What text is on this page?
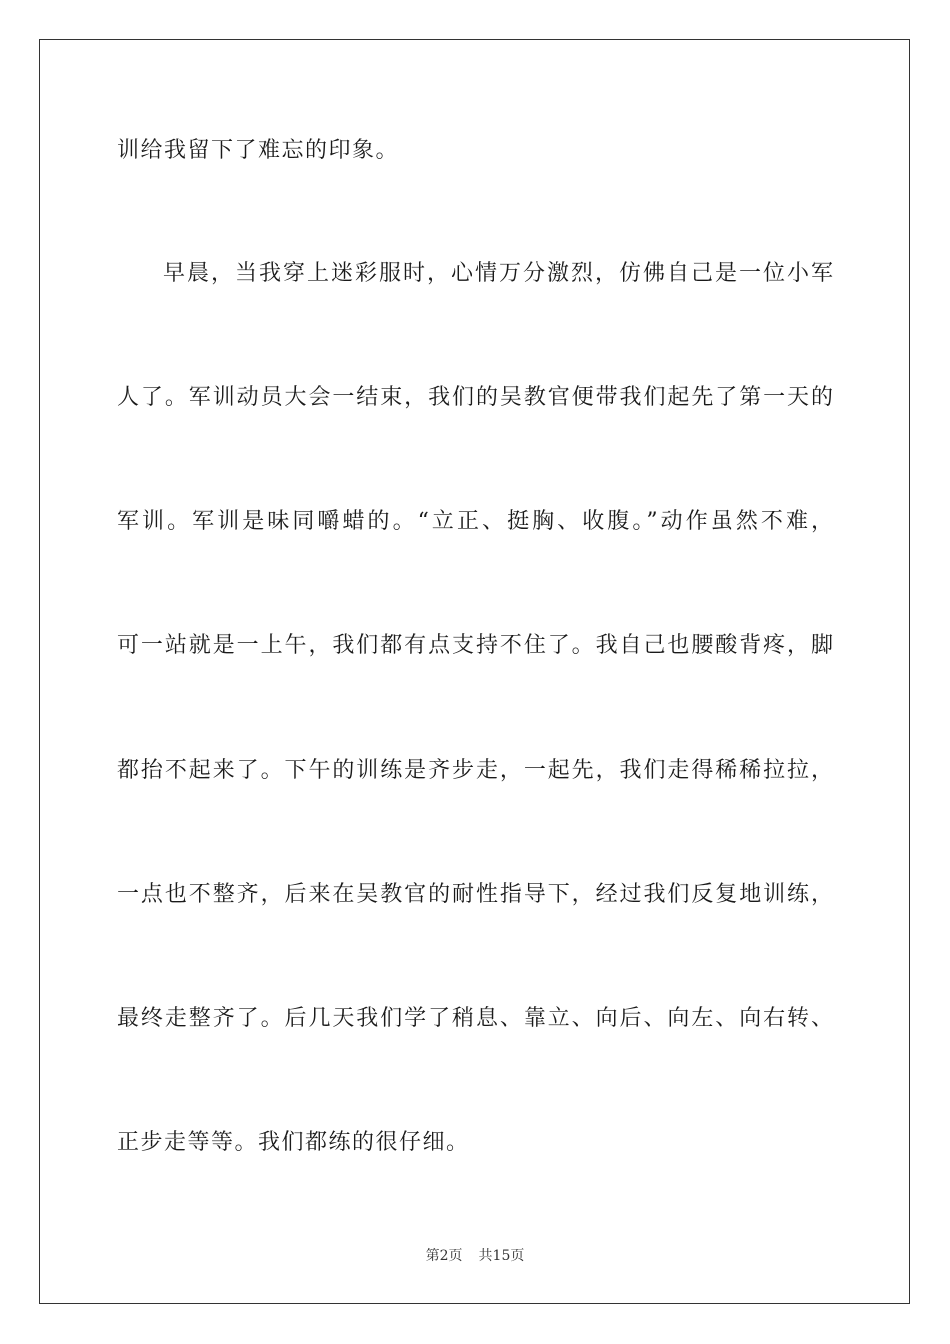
训给我留下了难忘的印象。
早晨，当我穿上迷彩服时，心情万分激烈，仿佛自己是一位小军
人了。军训动员大会一结束，我们的吴教官便带我们起先了第一天的
军训。军训是味同嚼蜡的。“立正、挺胸、收腹。”动作虽然不难，
可一站就是一上午，我们都有点支持不住了。我自己也腰酸背疼，脚
都抬不起来了。下午的训练是齐步走，一起先，我们走得稀稀拉拉，
一点也不整齐，后来在吴教官的耐性指导下，经过我们反复地训练，
最终走整齐了。后几天我们学了稍息、靠立、向后、向左、向右转、
正步走等等。我们都练的很仔细。
第2页 共15页
